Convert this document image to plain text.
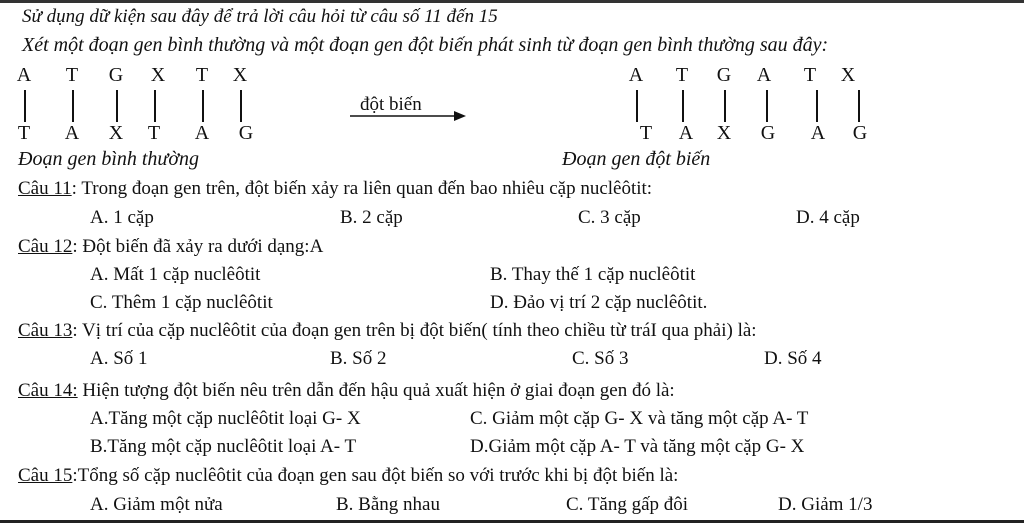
Sử dụng dữ kiện sau đây để trả lời câu hỏi từ câu số 11 đến 15
Xét một đoạn gen bình thường và một đoạn gen đột biến phát sinh từ đoạn gen bình thường sau đây:
A T G X T X
T A X T A G
đột biến
A T G A T X
T A X G A G
Đoạn gen bình thường	Đoạn gen đột biến
Câu 11: Trong đoạn gen trên, đột biến xảy ra liên quan đến bao nhiêu cặp nuclêôtit:
A. 1 cặp	B. 2 cặp	C. 3 cặp	D. 4 cặp
Câu 12: Đột biến đã xảy ra dưới dạng:A
A. Mất 1 cặp nuclêôtit	B. Thay thế 1 cặp nuclêôtit
C. Thêm 1 cặp nuclêôtit	D. Đảo vị trí 2 cặp nuclêôtit.
Câu 13: Vị trí của cặp nuclêôtit của đoạn gen trên bị đột biến( tính theo chiều từ tráI qua phải) là:
A. Số 1	B. Số 2	C. Số 3	D. Số 4
Câu 14: Hiện tượng đột biến nêu trên dẫn đến hậu quả xuất hiện ở giai đoạn gen đó là:
A.Tăng một cặp nuclêôtit loại G- X	C. Giảm một cặp G- X và tăng một cặp A- T
B.Tăng một cặp nuclêôtit loại A- T	D.Giảm một cặp A- T và tăng một cặp G- X
Câu 15:Tổng số cặp nuclêôtit của đoạn gen sau đột biến so với trước khi bị đột biến là:
A. Giảm một nửa	B. Bằng nhau	C. Tăng gấp đôi	D. Giảm 1/3
